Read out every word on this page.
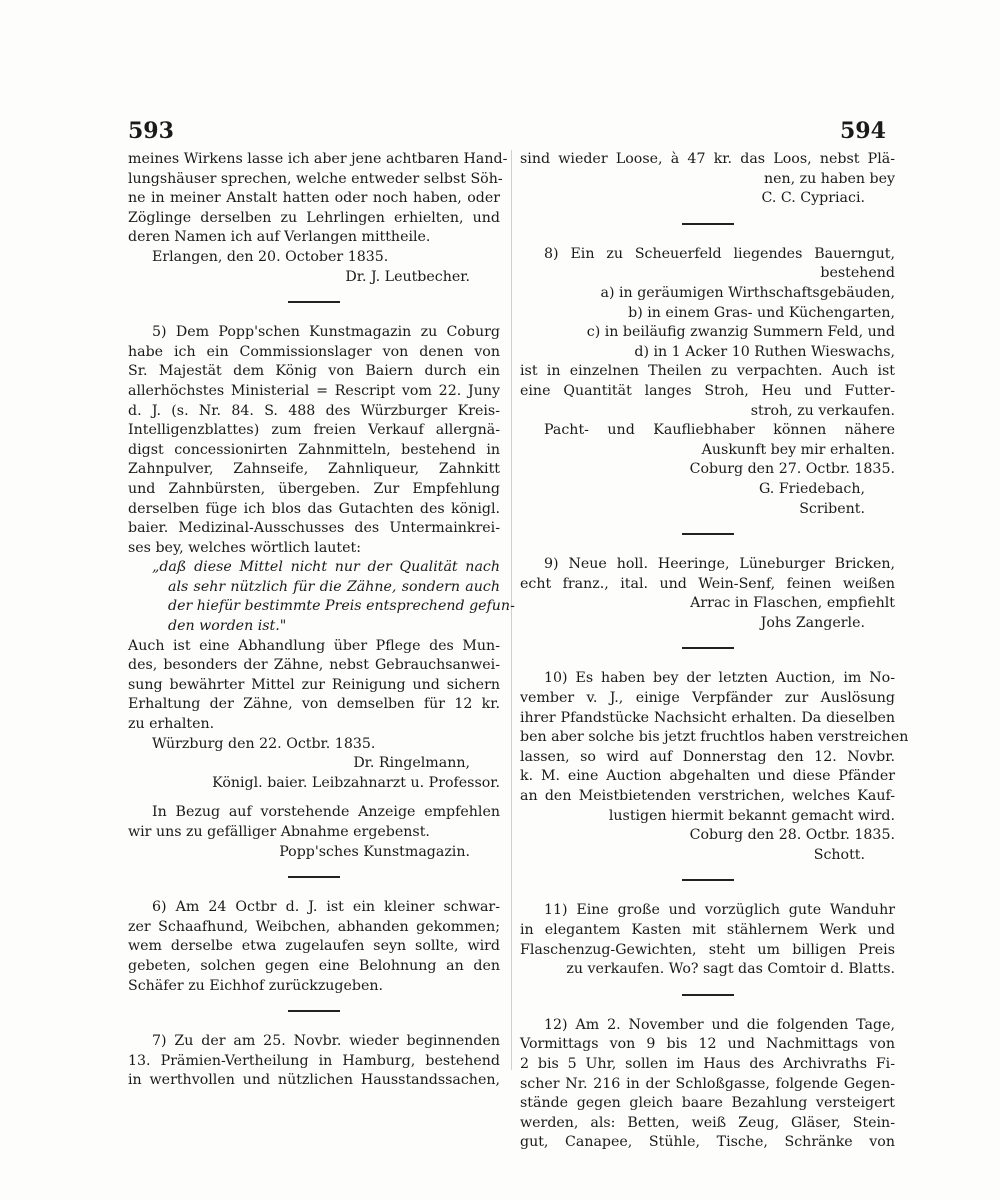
593	594
meines Wirkens lasse ich aber jene achtbaren Hand-
lungshäuser sprechen, welche entweder selbst Söh-
ne in meiner Anstalt hatten oder noch haben, oder
Zöglinge derselben zu Lehrlingen erhielten, und
deren Namen ich auf Verlangen mittheile.
Erlangen, den 20. October 1835.
Dr. J. Leutbecher.
5) Dem Popp'schen Kunstmagazin zu Coburg
habe ich ein Commissionslager von denen von
Sr. Majestät dem König von Baiern durch ein
allerhöchstes Ministerial = Rescript vom 22. Juny
d. J. (s. Nr. 84. S. 488 des Würzburger Kreis-
Intelligenzblattes) zum freien Verkauf allergnä-
digst concessionirten Zahnmitteln, bestehend in
Zahnpulver, Zahnseife, Zahnliqueur, Zahnkitt
und Zahnbürsten, übergeben. Zur Empfehlung
derselben füge ich blos das Gutachten des königl.
baier. Medizinal-Ausschusses des Untermainkrei-
ses bey, welches wörtlich lautet:
„daß diese Mittel nicht nur der Qualität nach
als sehr nützlich für die Zähne, sondern auch
der hiefür bestimmte Preis entsprechend gefun-
den worden ist."
Auch ist eine Abhandlung über Pflege des Mun-
des, besonders der Zähne, nebst Gebrauchsanwei-
sung bewährter Mittel zur Reinigung und sichern
Erhaltung der Zähne, von demselben für 12 kr.
zu erhalten.
Würzburg den 22. Octbr. 1835.
Dr. Ringelmann,
Königl. baier. Leibzahnarzt u. Professor.
In Bezug auf vorstehende Anzeige empfehlen
wir uns zu gefälliger Abnahme ergebenst.
Popp'sches Kunstmagazin.
6) Am 24 Octbr d. J. ist ein kleiner schwar-
zer Schaafhund, Weibchen, abhanden gekommen;
wem derselbe etwa zugelaufen seyn sollte, wird
gebeten, solchen gegen eine Belohnung an den
Schäfer zu Eichhof zurückzugeben.
7) Zu der am 25. Novbr. wieder beginnenden
13. Prämien-Vertheilung in Hamburg, bestehend
in werthvollen und nützlichen Hausstandssachen,
sind wieder Loose, à 47 kr. das Loos, nebst Plä-
nen, zu haben bey
C. C. Cypriaci.
8) Ein zu Scheuerfeld liegendes Bauerngut,
bestehend
a) in geräumigen Wirthschaftsgebäuden,
b) in einem Gras- und Küchengarten,
c) in beiläufig zwanzig Summern Feld, und
d) in 1 Acker 10 Ruthen Wieswachs,
ist in einzelnen Theilen zu verpachten. Auch ist
eine Quantität langes Stroh, Heu und Futter-
stroh, zu verkaufen.
Pacht- und Kaufliebhaber können nähere
Auskunft bey mir erhalten.
Coburg den 27. Octbr. 1835.
G. Friedebach,
Scribent.
9) Neue holl. Heeringe, Lüneburger Bricken,
echt franz., ital. und Wein-Senf, feinen weißen
Arrac in Flaschen, empfiehlt
Johs Zangerle.
10) Es haben bey der letzten Auction, im No-
vember v. J., einige Verpfänder zur Auslösung
ihrer Pfandstücke Nachsicht erhalten. Da dieselben
ben aber solche bis jetzt fruchtlos haben verstreichen
lassen, so wird auf Donnerstag den 12. Novbr.
k. M. eine Auction abgehalten und diese Pfänder
an den Meistbietenden verstrichen, welches Kauf-
lustigen hiermit bekannt gemacht wird.
Coburg den 28. Octbr. 1835.
Schott.
11) Eine große und vorzüglich gute Wanduhr
in elegantem Kasten mit stählernem Werk und
Flaschenzug-Gewichten, steht um billigen Preis
zu verkaufen. Wo? sagt das Comtoir d. Blatts.
12) Am 2. November und die folgenden Tage,
Vormittags von 9 bis 12 und Nachmittags von
2 bis 5 Uhr, sollen im Haus des Archivraths Fi-
scher Nr. 216 in der Schloßgasse, folgende Gegen-
stände gegen gleich baare Bezahlung versteigert
werden, als: Betten, weiß Zeug, Gläser, Stein-
gut, Canapee, Stühle, Tische, Schränke von
